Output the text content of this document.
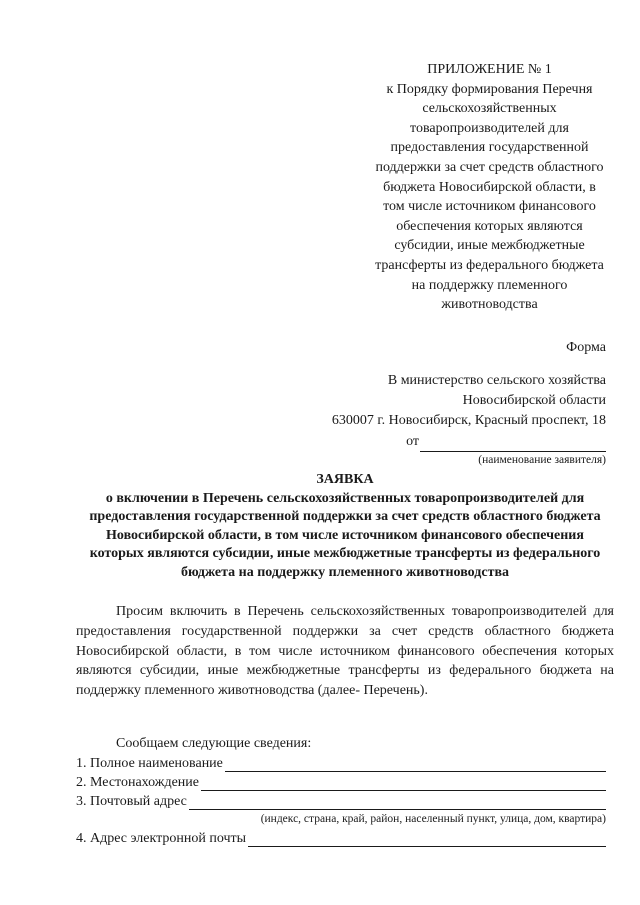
ПРИЛОЖЕНИЕ № 1
к Порядку формирования Перечня сельскохозяйственных товаропроизводителей для предоставления государственной поддержки за счет средств областного бюджета Новосибирской области, в том числе источником финансового обеспечения которых являются субсидии, иные межбюджетные трансферты из федерального бюджета на поддержку племенного животноводства
Форма
В министерство сельского хозяйства
Новосибирской области
630007 г. Новосибирск, Красный проспект, 18
от
(наименование заявителя)
ЗАЯВКА
о включении в Перечень сельскохозяйственных товаропроизводителей для предоставления государственной поддержки за счет средств областного бюджета Новосибирской области, в том числе источником финансового обеспечения которых являются субсидии, иные межбюджетные трансферты из федерального бюджета на поддержку племенного животноводства

Просим включить в Перечень сельскохозяйственных товаропроизводителей для предоставления государственной поддержки за счет средств областного бюджета Новосибирской области, в том числе источником финансового обеспечения которых являются субсидии, иные межбюджетные трансферты из федерального бюджета на поддержку племенного животноводства (далее- Перечень).

Сообщаем следующие сведения:
1. Полное наименование
2. Местонахождение
3. Почтовый адрес
(индекс, страна, край, район, населенный пункт, улица, дом, квартира)
4. Адрес электронной почты
